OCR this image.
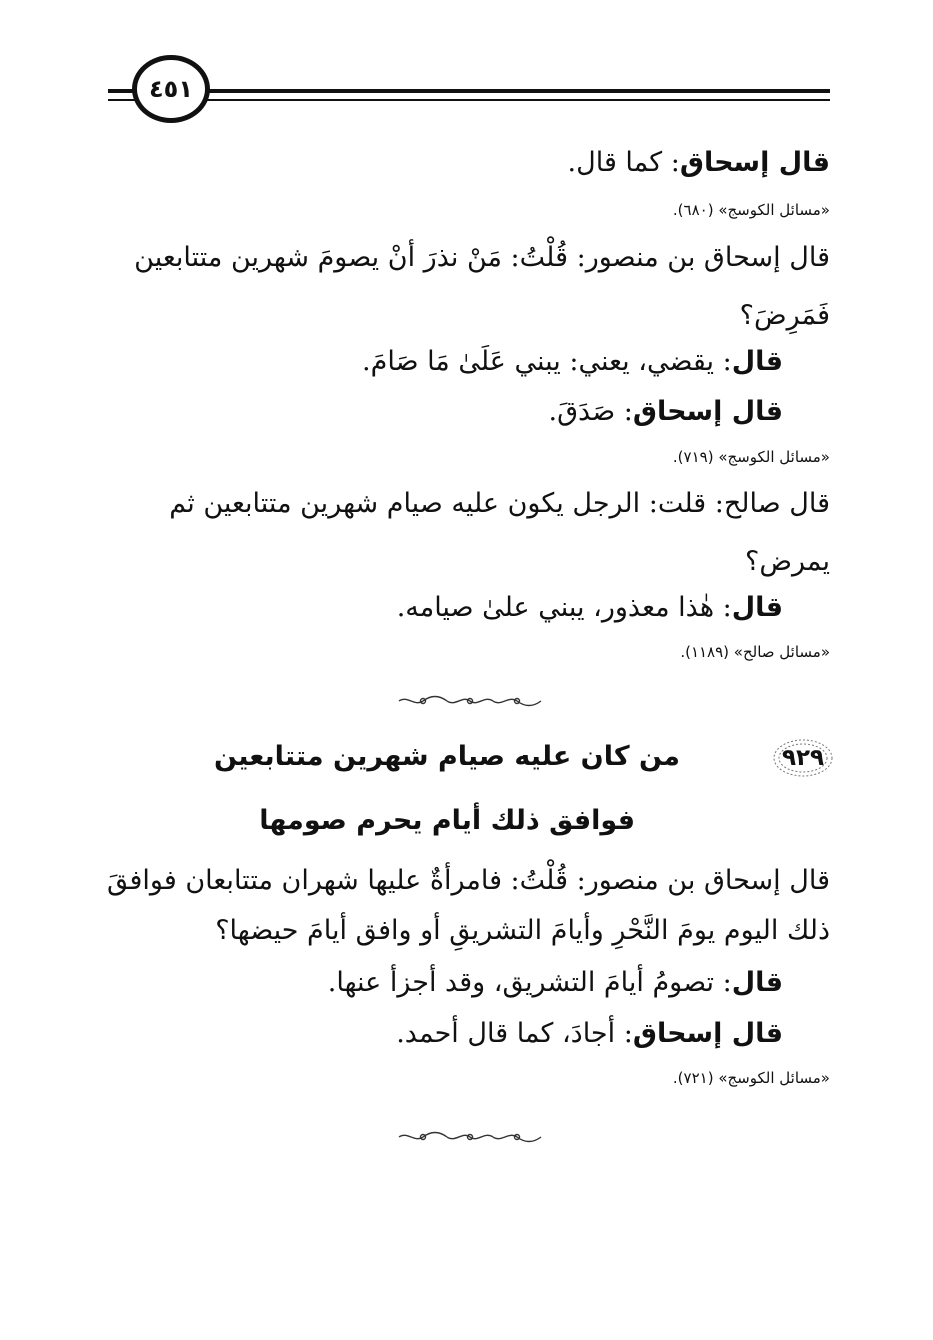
٤٥١
قال إسحاق: كما قال.
«مسائل الكوسج» (٦٨٠).
قال إسحاق بن منصور: قُلْتُ: مَنْ نذرَ أنْ يصومَ شهرين متتابعين
فَمَرِضَ؟
قال: يقضي، يعني: يبني عَلَىٰ مَا صَامَ.
قال إسحاق: صَدَقَ.
«مسائل الكوسج» (٧١٩).
قال صالح: قلت: الرجل يكون عليه صيام شهرين متتابعين ثم
يمرض؟
قال: هٰذا معذور، يبني علىٰ صيامه.
«مسائل صالح» (١١٨٩).
٩٢٩
من كان عليه صيام شهرين متتابعين
فوافق ذلك أيام يحرم صومها
قال إسحاق بن منصور: قُلْتُ: فامرأةٌ عليها شهران متتابعان فوافقَ
ذلك اليوم يومَ النَّحْرِ وأيامَ التشريقِ أو وافق أيامَ حيضها؟
قال: تصومُ أيامَ التشريق، وقد أجزأ عنها.
قال إسحاق: أجادَ، كما قال أحمد.
«مسائل الكوسج» (٧٢١).
